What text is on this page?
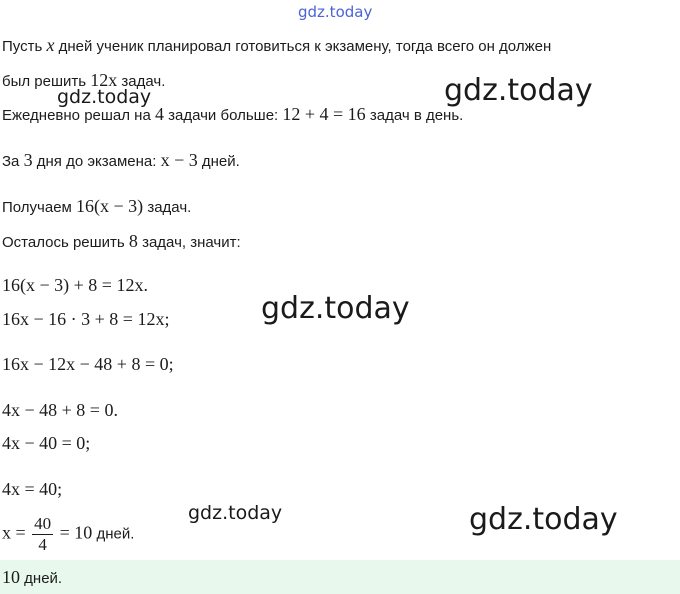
gdz.today
gdz.today	gdz.today
gdz.today
gdz.today	gdz.today
Пусть x дней ученик планировал готовиться к экзамену, тогда всего он должен
был решить 12x задач.
Ежедневно решал на 4 задачи больше: 12 + 4 = 16 задач в день.
За 3 дня до экзамена: x − 3 дней.
Получаем 16(x − 3) задач.
Осталось решить 8 задач, значит:
16(x − 3) + 8 = 12x.
16x − 16 · 3 + 8 = 12x;
16x − 12x − 48 + 8 = 0;
4x − 48 + 8 = 0.
4x − 40 = 0;
4x = 40;
$x = \frac{40}{4} = 10$ дней.
10 дней.
